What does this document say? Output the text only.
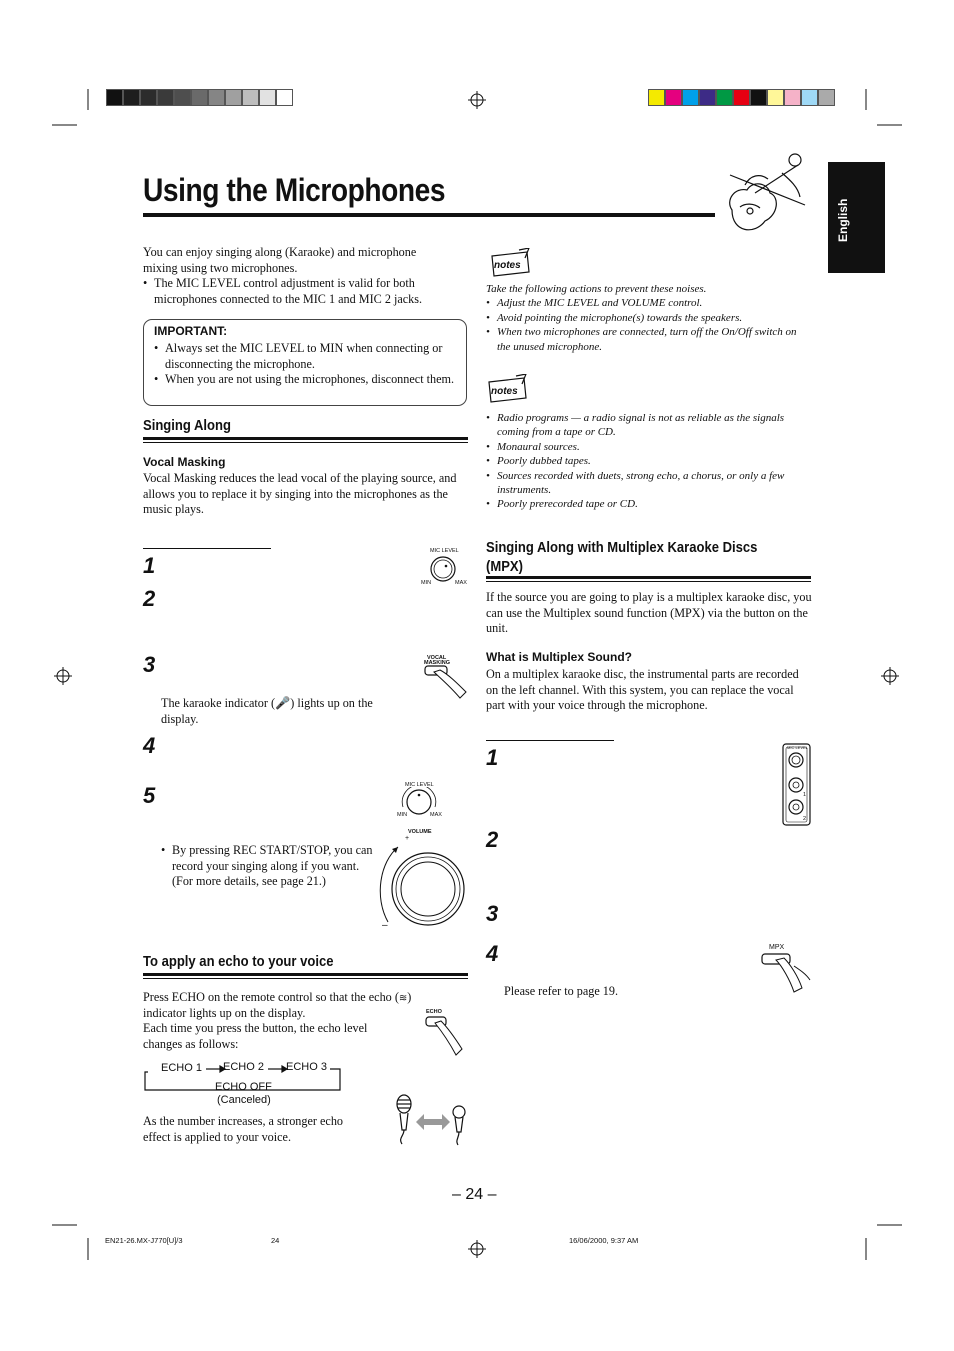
Using the Microphones
English
You can enjoy singing along (Karaoke) and microphone mixing using two microphones.
• The MIC LEVEL control adjustment is valid for both microphones connected to the MIC 1 and MIC 2 jacks.
IMPORTANT:
• Always set the MIC LEVEL to MIN when connecting or disconnecting the microphone.
• When you are not using the microphones, disconnect them.
Singing Along
Vocal Masking
Vocal Masking reduces the lead vocal of the playing source, and allows you to replace it by singing into the microphones as the music plays.
1
2
3
4
5
MIC LEVEL
MIN	MAX
VOCAL
MASKING
The karaoke indicator (🎤) lights up on the display.
MIC LEVEL
MIN	MAX
VOLUME
+
–
• By pressing REC START/STOP, you can record your singing along if you want. (For more details, see page 21.)
To apply an echo to your voice
Press ECHO on the remote control so that the echo (≋)
indicator lights up on the display.
Each time you press the button, the echo level changes as follows:
ECHO
ECHO 1 ECHO 2 ECHO 3
ECHO OFF
(Canceled)
As the number increases, a stronger echo effect is applied to your voice.
notes
Take the following actions to prevent these noises.
• Adjust the MIC LEVEL and VOLUME control.
• Avoid pointing the microphone(s) towards the speakers.
• When two microphones are connected, turn off the On/Off switch on the unused microphone.
notes
• Radio programs — a radio signal is not as reliable as the signals coming from a tape or CD.
• Monaural sources.
• Poorly dubbed tapes.
• Sources recorded with duets, strong echo, a chorus, or only a few instruments.
• Poorly prerecorded tape or CD.
Singing Along with Multiplex Karaoke Discs
(MPX)
If the source you are going to play is a multiplex karaoke disc, you can use the Multiplex sound function (MPX) via the button on the unit.
What is Multiplex Sound?
On a multiplex karaoke disc, the instrumental parts are recorded on the left channel. With this system, you can replace the vocal part with your voice through the microphone.
1
2
3
4
MIC LEVEL
1
2
MPX
Please refer to page 19.
– 24 –
EN21-26.MX-J770[U]/3	24	16/06/2000, 9:37 AM
